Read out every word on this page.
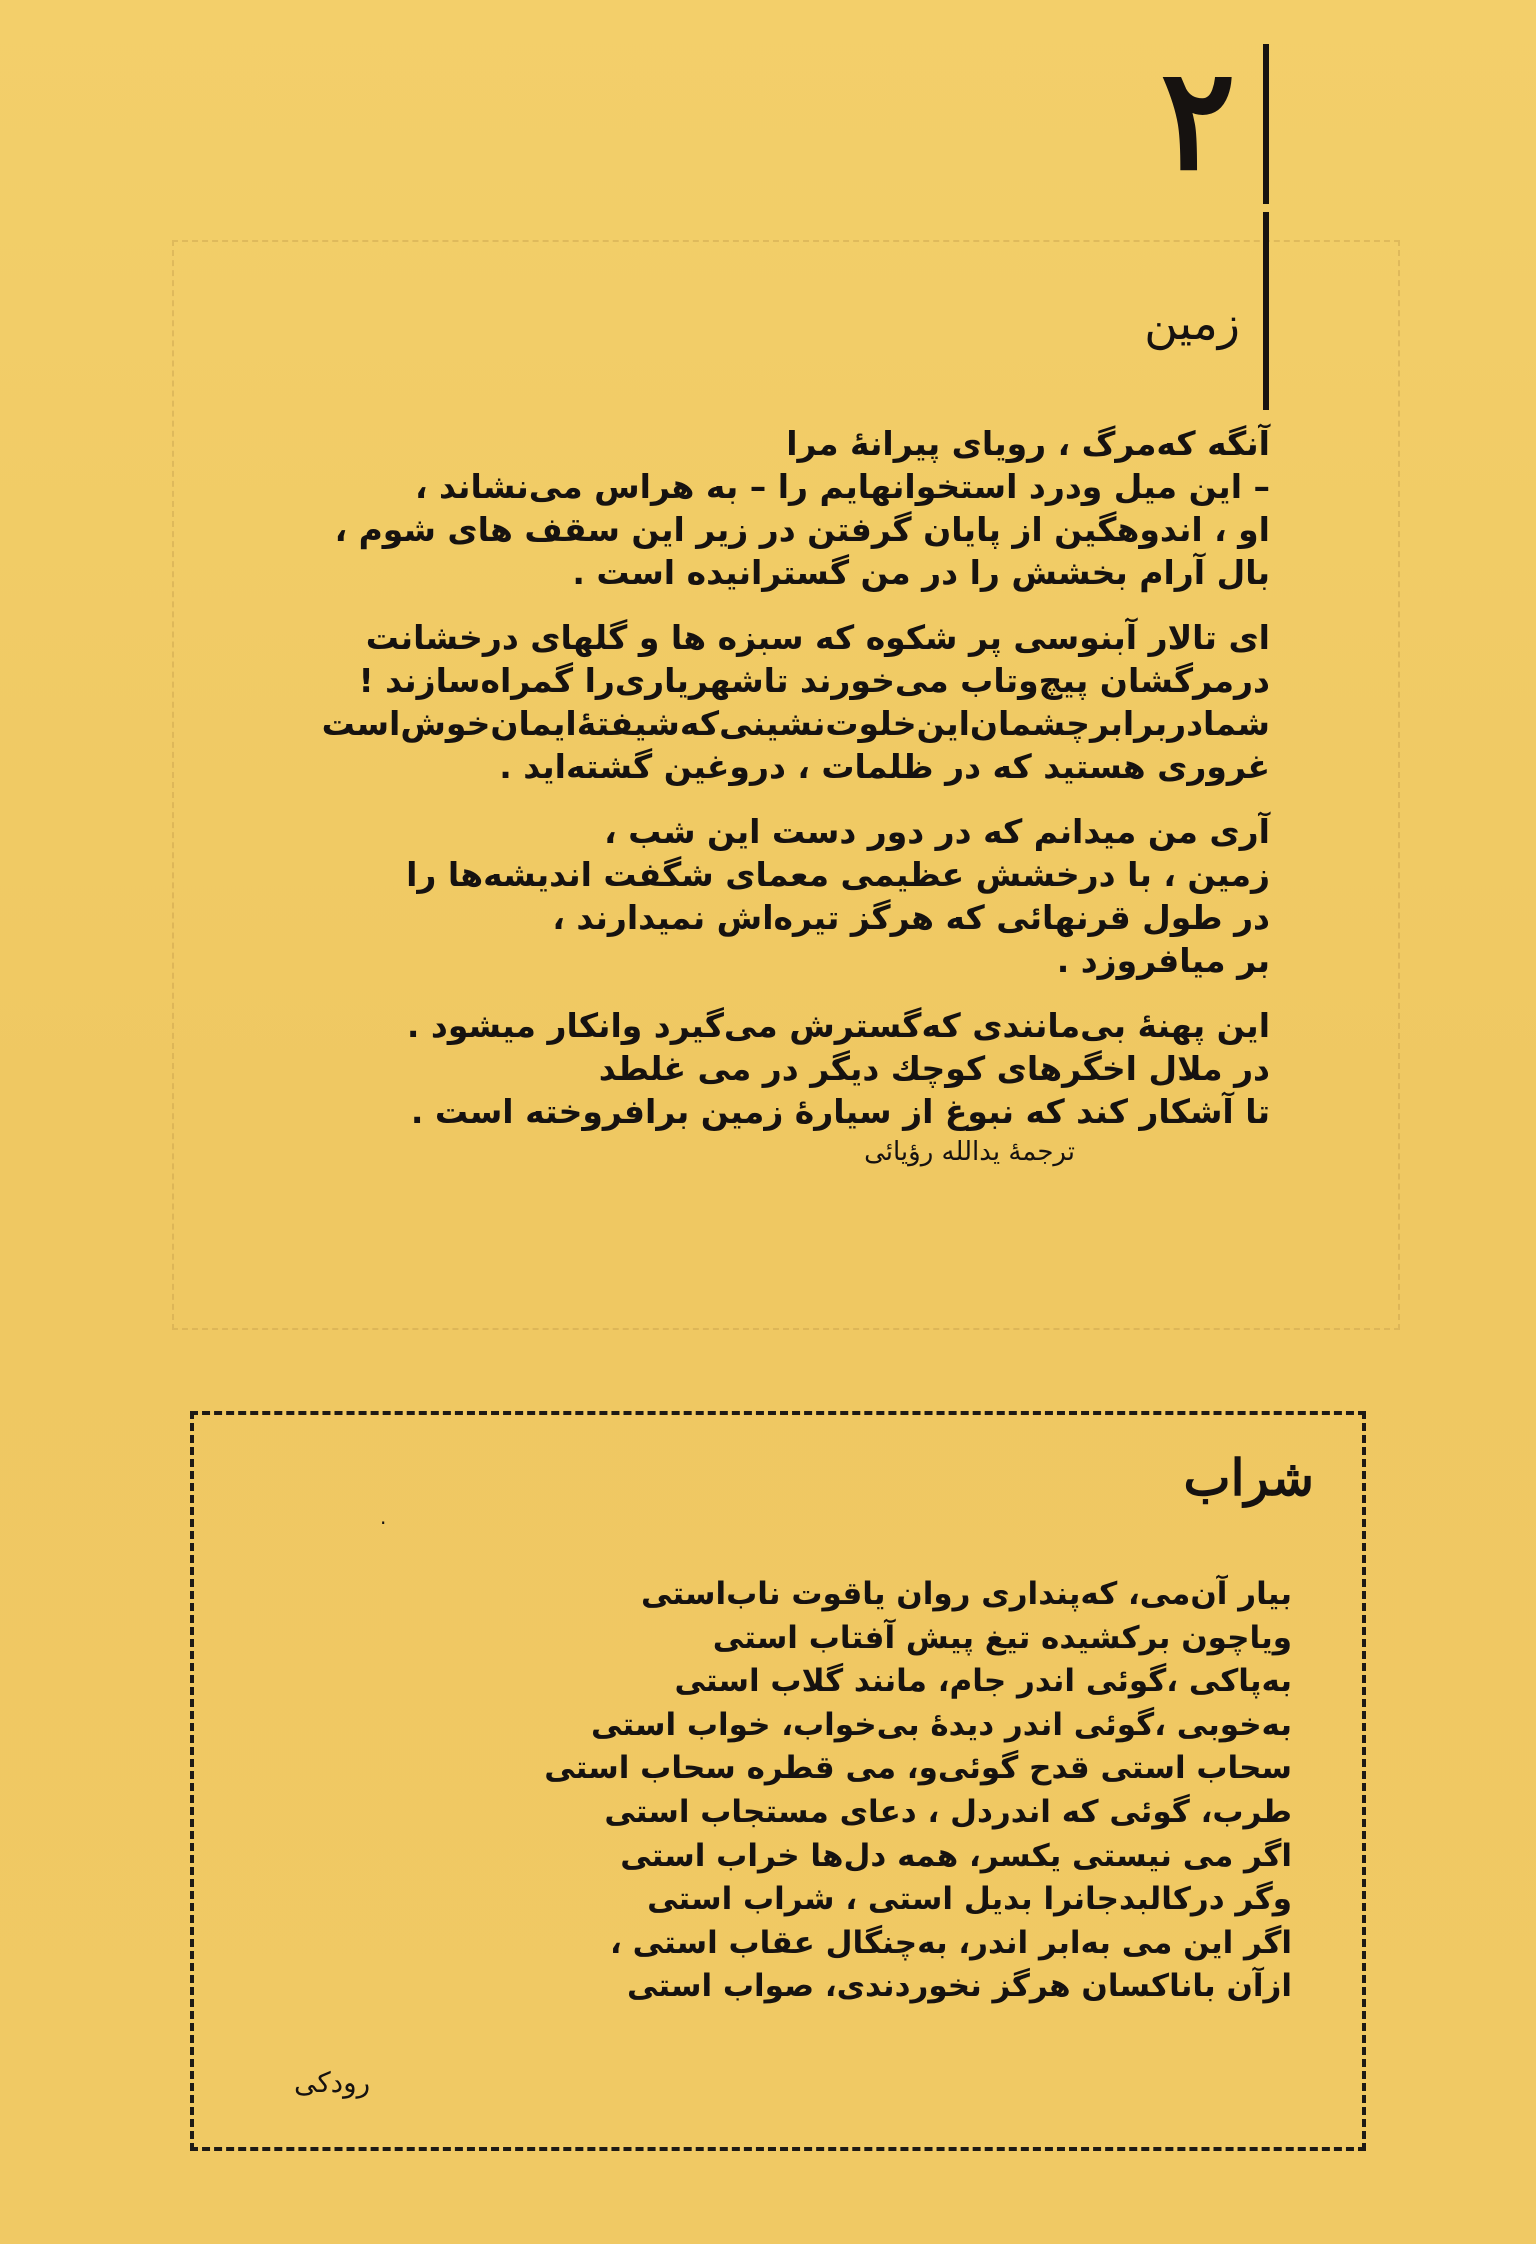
۲
زمین
آنگه که‌مرگ ، رویای پیرانهٔ مرا
– این میل ودرد استخوانهایم را – به هراس می‌نشاند ،
او ، اندوهگین از پایان گرفتن در زیر این سقف های شوم ،
بال آرام بخشش را در من گسترانیده است .
ای تالار آبنوسی پر شکوه که سبزه ها و گلهای درخشانت
درمرگشان پیچ‌وتاب می‌خورند تاشهریاری‌را گمراه‌سازند !
شمادربرابرچشمان‌این‌خلوت‌نشینی‌که‌شیفتهٔ‌ایمان‌خوش‌است
غروری هستید که در ظلمات ، دروغین گشته‌اید .
آری من میدانم که در دور دست این شب ،
زمین ، با درخشش عظیمی معمای شگفت اندیشه‌ها را
در طول قرنهائی که هرگز تیره‌اش نمیدارند ،
بر میافروزد .
این پهنهٔ بی‌مانندی که‌گسترش می‌گیرد وانکار میشود .
در ملال اخگرهای کوچك دیگر در می غلطد
تا آشکار کند که نبوغ از سیارهٔ زمین برافروخته است .
ترجمهٔ یدالله رؤیائی
شراب
.
بیار آن‌می، که‌پنداری روان یاقوت ناب‌استی
ویاچون برکشیده تیغ پیش آفتاب استی
به‌پاکی ،گوئی اندر جام، مانند گلاب استی
به‌خوبی ،گوئی اندر دیدهٔ بی‌خواب، خواب استی
سحاب استی قدح گوئی‌و، می قطره سحاب استی
طرب، گوئی که اندردل ، دعای مستجاب استی
اگر می نیستی یکسر، همه دل‌ها خراب استی
وگر درکالبدجانرا بدیل استی ، شراب استی
اگر این می به‌ابر اندر، به‌چنگال عقاب استی ،
ازآن باناکسان هرگز نخوردندی، صواب استی
رودکی
